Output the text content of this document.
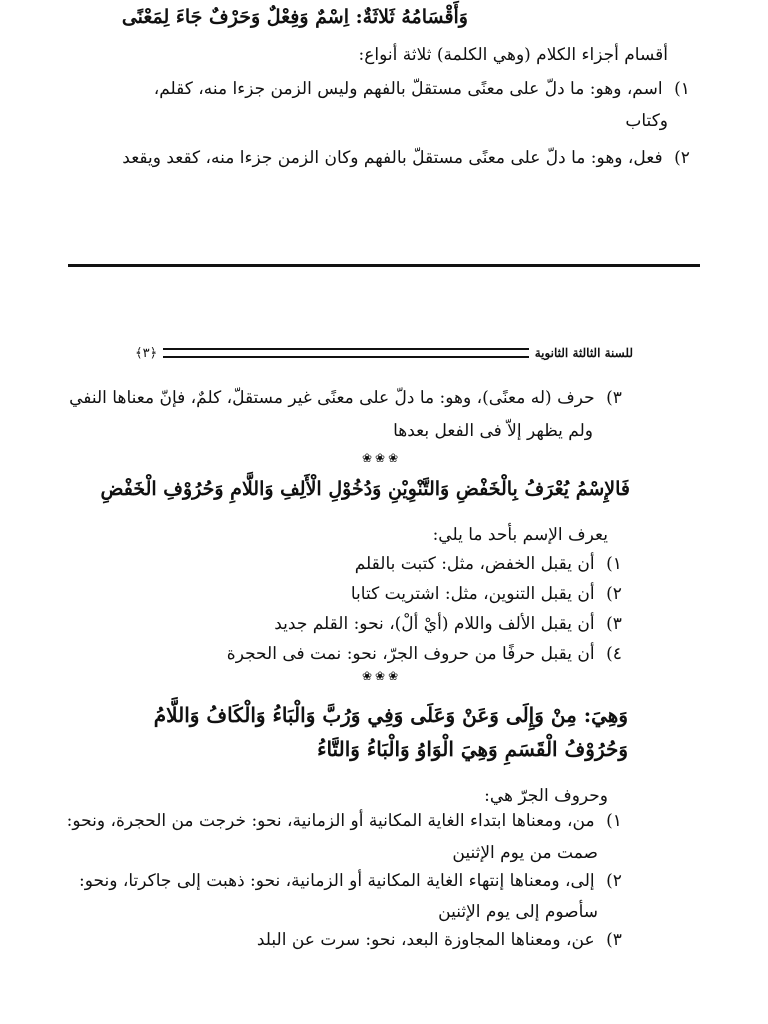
وَأَقْسَامُهُ ثَلاثَةٌ: اِسْمٌ وَفِعْلٌ وَحَرْفٌ جَاءَ لِمَعْنًى
أقسام أجزاء الكلام (وهي الكلمة) ثلاثة أنواع:
١) اسم، وهو: ما دلّ على معنًى مستقلّ بالفهم وليس الزمن جزءا منه، كقلم،
وكتاب
٢) فعل، وهو: ما دلّ على معنًى مستقلّ بالفهم وكان الزمن جزءا منه، كقعد ويقعد
للسنة الثالثة الثانوية
﴿٣﴾
٣) حرف (له معنًى)، وهو: ما دلّ على معنًى غير مستقلّ، كلمٌ، فإنّ معناها النفي
ولم يظهر إلاّ فى الفعل بعدها
❀❀❀
فَالإِسْمُ يُعْرَفُ بِالْخَفْضِ وَالتَّنْوِيْنِ وَدُخُوْلِ الْأَلِفِ وَاللَّامِ وَحُرُوْفِ الْخَفْضِ
يعرف الإسم بأحد ما يلي:
١) أن يقبل الخفض، مثل: كتبت بالقلم
٢) أن يقبل التنوين، مثل: اشتريت كتابا
٣) أن يقبل الألف واللام (أيْ ألْ)، نحو: القلم جديد
٤) أن يقبل حرفًا من حروف الجرّ، نحو: نمت فى الحجرة
❀❀❀
وَهِيَ: مِنْ وَإِلَى وَعَنْ وَعَلَى وَفِي وَرُبَّ وَالْبَاءُ وَالْكَافُ وَاللَّامُ
وَحُرُوْفُ الْقَسَمِ وَهِيَ الْوَاوُ وَالْبَاءُ وَالتَّاءُ
وحروف الجرّ هي:
١) من، ومعناها ابتداء الغاية المكانية أو الزمانية، نحو: خرجت من الحجرة، ونحو:
صمت من يوم الإثنين
٢) إلى، ومعناها إنتهاء الغاية المكانية أو الزمانية، نحو: ذهبت إلى جاكرتا، ونحو:
سأصوم إلى يوم الإثنين
٣) عن، ومعناها المجاوزة البعد، نحو: سرت عن البلد
